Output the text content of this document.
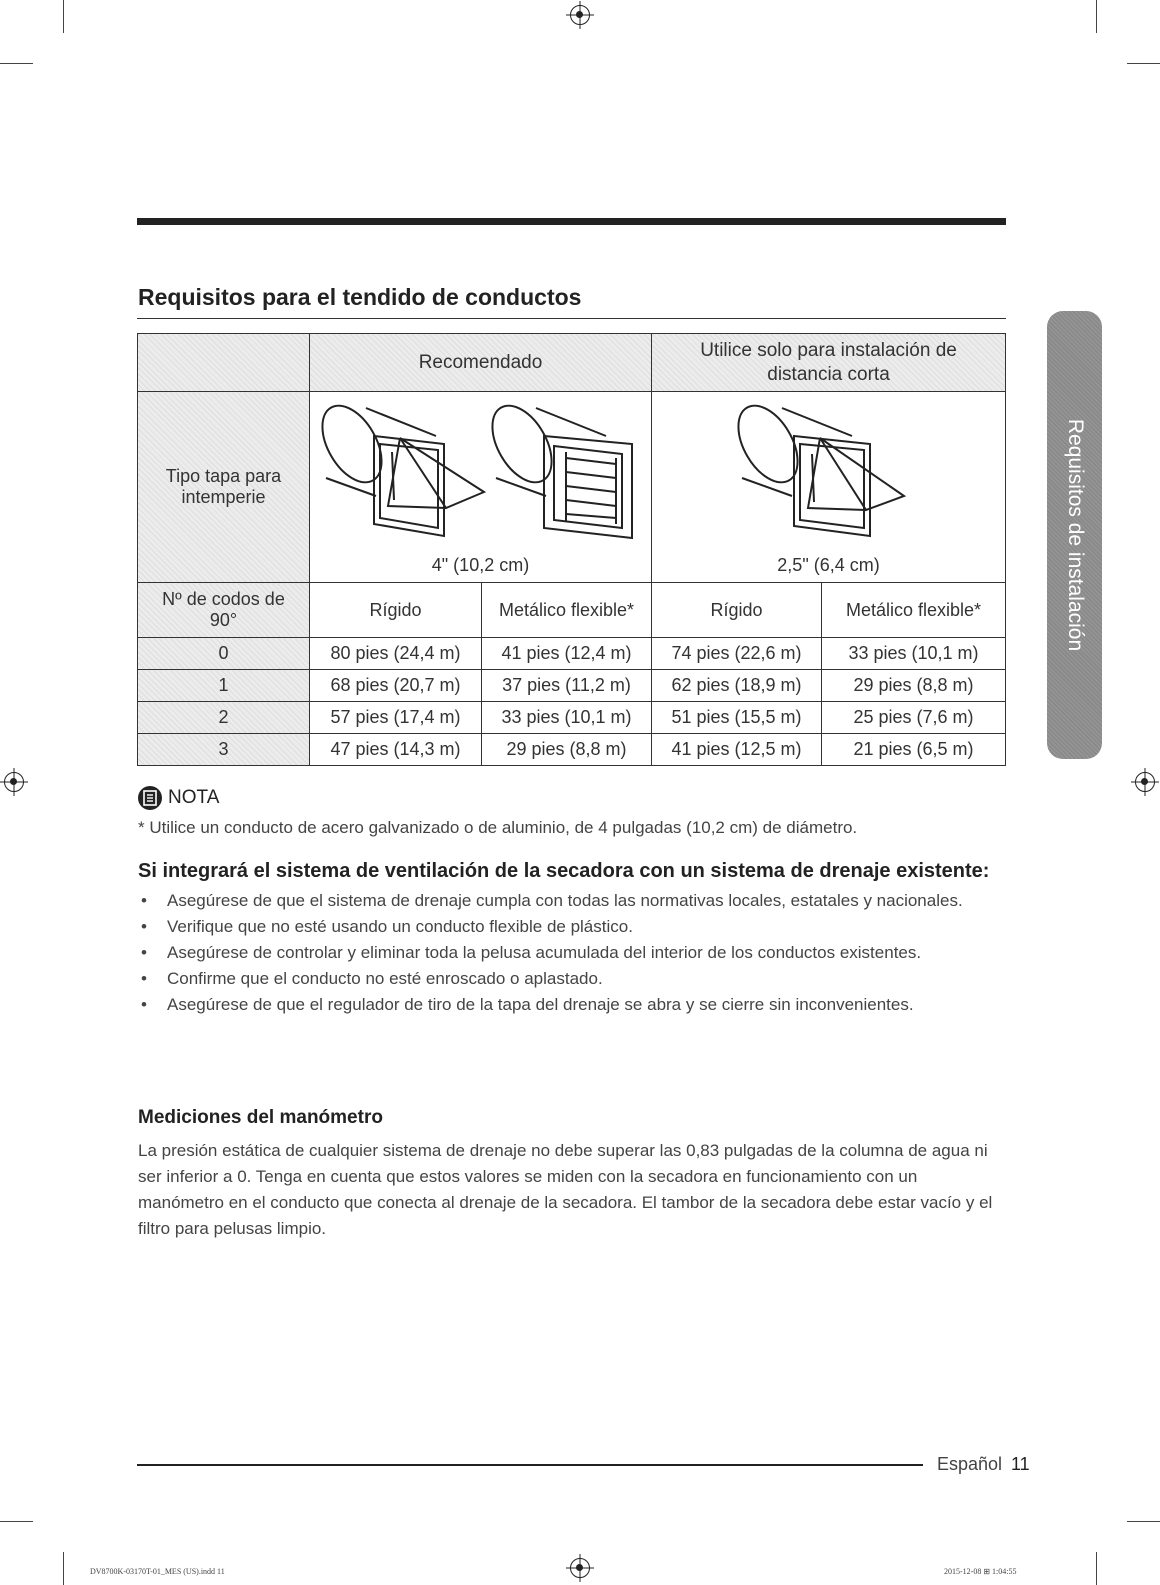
Requisitos para el tendido de conductos

	Recomendado		Utilice solo para instalación de
distancia corta	

Tipo tapa para
intemperie	4" (10,2 cm)		2,5" (6,4 cm)	

Nº de codos de
90°	Rígido	Metálico flexible*	Rígido	Metálico flexible*
0	80 pies (24,4 m)	41 pies (12,4 m)	74 pies (22,6 m)	33 pies (10,1 m)
1	68 pies (20,7 m)	37 pies (11,2 m)	62 pies (18,9 m)	29 pies (8,8 m)
2	57 pies (17,4 m)	33 pies (10,1 m)	51 pies (15,5 m)	25 pies (7,6 m)
3	47 pies (14,3 m)	29 pies (8,8 m)	41 pies (12,5 m)	21 pies (6,5 m)
Requisitos de instalación
NOTA
* Utilice un conducto de acero galvanizado o de aluminio, de 4 pulgadas (10,2 cm) de diámetro.
Si integrará el sistema de ventilación de la secadora con un sistema de drenaje existente:
• Asegúrese de que el sistema de drenaje cumpla con todas las normativas locales, estatales y nacionales.
• Verifique que no esté usando un conducto flexible de plástico.
• Asegúrese de controlar y eliminar toda la pelusa acumulada del interior de los conductos existentes.
• Confirme que el conducto no esté enroscado o aplastado.
• Asegúrese de que el regulador de tiro de la tapa del drenaje se abra y se cierre sin inconvenientes.
Mediciones del manómetro

La presión estática de cualquier sistema de drenaje no debe superar las 0,83 pulgadas de la columna de agua ni ser inferior a 0. Tenga en cuenta que estos valores se miden con la secadora en funcionamiento con un manómetro en el conducto que conecta al drenaje de la secadora. El tambor de la secadora debe estar vacío y el filtro para pelusas limpio.

Español 11
DV8700K-03170T-01_MES (US).indd 11	2015-12-08 ⊞ 1:04:55
